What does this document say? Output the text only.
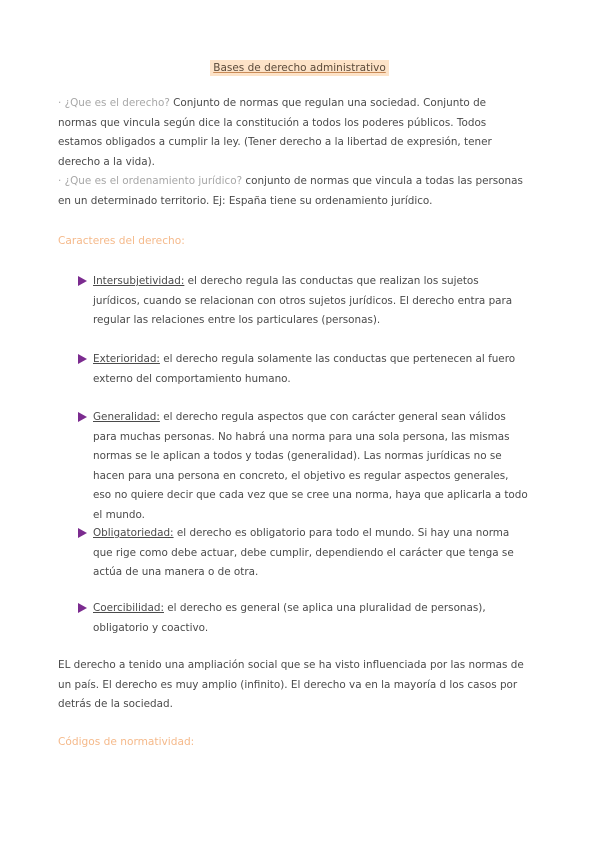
Bases de derecho administrativo
· ¿Que es el derecho? Conjunto de normas que regulan una sociedad. Conjunto de normas que vincula según dice la constitución a todos los poderes públicos. Todos estamos obligados a cumplir la ley. (Tener derecho a la libertad de expresión, tener derecho a la vida).
· ¿Que es el ordenamiento jurídico? conjunto de normas que vincula a todas las personas en un determinado territorio. Ej: España tiene su ordenamiento jurídico.
Caracteres del derecho:
Intersubjetividad: el derecho regula las conductas que realizan los sujetos jurídicos, cuando se relacionan con otros sujetos jurídicos. El derecho entra para regular las relaciones entre los particulares (personas).
Exterioridad: el derecho regula solamente las conductas que pertenecen al fuero externo del comportamiento humano.
Generalidad: el derecho regula aspectos que con carácter general sean válidos para muchas personas. No habrá una norma para una sola persona, las mismas normas se le aplican a todos y todas (generalidad). Las normas jurídicas no se hacen para una persona en concreto, el objetivo es regular aspectos generales, eso no quiere decir que cada vez que se cree una norma, haya que aplicarla a todo el mundo.
Obligatoriedad: el derecho es obligatorio para todo el mundo. Si hay una norma que rige como debe actuar, debe cumplir, dependiendo el carácter que tenga se actúa de una manera o de otra.
Coercibilidad: el derecho es general (se aplica una pluralidad de personas), obligatorio y coactivo.
EL derecho a tenido una ampliación social que se ha visto influenciada por las normas de un país. El derecho es muy amplio (infinito). El derecho va en la mayoría d los casos por detrás de la sociedad.
Códigos de normatividad:
